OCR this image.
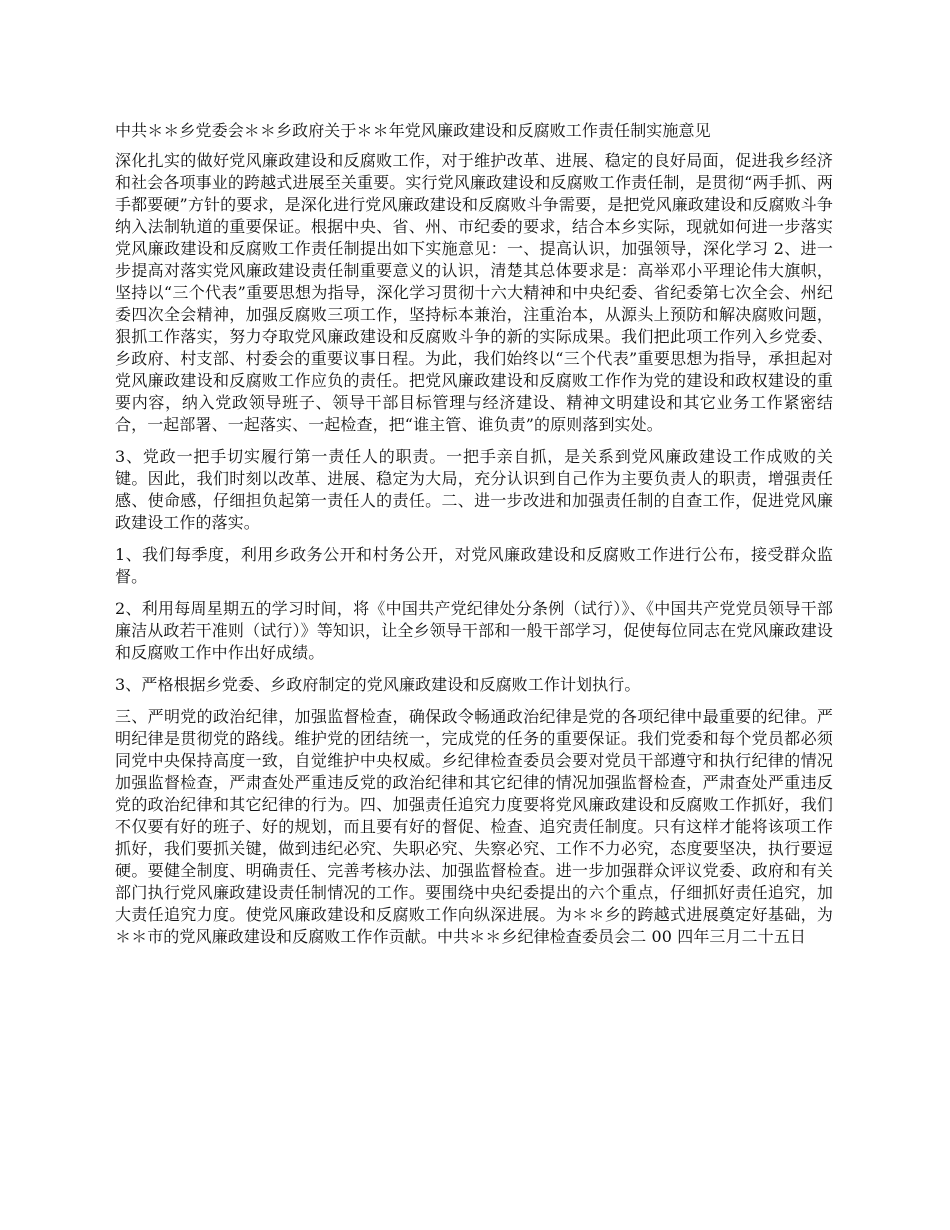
中共＊＊乡党委会＊＊乡政府关于＊＊年党风廉政建设和反腐败工作责任制实施意见

深化扎实的做好党风廉政建设和反腐败工作，对于维护改革、进展、稳定的良好局面，促进我乡经济和社会各项事业的跨越式进展至关重要。实行党风廉政建设和反腐败工作责任制，是贯彻“两手抓、两手都要硬”方针的要求，是深化进行党风廉政建设和反腐败斗争需要，是把党风廉政建设和反腐败斗争纳入法制轨道的重要保证。根据中央、省、州、市纪委的要求，结合本乡实际，现就如何进一步落实党风廉政建设和反腐败工作责任制提出如下实施意见：一、提高认识，加强领导，深化学习 2、进一步提高对落实党风廉政建设责任制重要意义的认识，清楚其总体要求是：高举邓小平理论伟大旗帜，坚持以“三个代表”重要思想为指导，深化学习贯彻十六大精神和中央纪委、省纪委第七次全会、州纪委四次全会精神，加强反腐败三项工作，坚持标本兼治，注重治本，从源头上预防和解决腐败问题，狠抓工作落实，努力夺取党风廉政建设和反腐败斗争的新的实际成果。我们把此项工作列入乡党委、乡政府、村支部、村委会的重要议事日程。为此，我们始终以“三个代表”重要思想为指导，承担起对党风廉政建设和反腐败工作应负的责任。把党风廉政建设和反腐败工作作为党的建设和政权建设的重要内容，纳入党政领导班子、领导干部目标管理与经济建设、精神文明建设和其它业务工作紧密结合，一起部署、一起落实、一起检查，把“谁主管、谁负责”的原则落到实处。

3、党政一把手切实履行第一责任人的职责。一把手亲自抓，是关系到党风廉政建设工作成败的关键。因此，我们时刻以改革、进展、稳定为大局，充分认识到自己作为主要负责人的职责，增强责任感、使命感，仔细担负起第一责任人的责任。二、进一步改进和加强责任制的自查工作，促进党风廉政建设工作的落实。

1、我们每季度，利用乡政务公开和村务公开，对党风廉政建设和反腐败工作进行公布，接受群众监督。

2、利用每周星期五的学习时间，将《中国共产党纪律处分条例（试行）》、《中国共产党党员领导干部廉洁从政若干准则（试行）》等知识，让全乡领导干部和一般干部学习，促使每位同志在党风廉政建设和反腐败工作中作出好成绩。

3、严格根据乡党委、乡政府制定的党风廉政建设和反腐败工作计划执行。

三、严明党的政治纪律，加强监督检查，确保政令畅通政治纪律是党的各项纪律中最重要的纪律。严明纪律是贯彻党的路线。维护党的团结统一，完成党的任务的重要保证。我们党委和每个党员都必须同党中央保持高度一致，自觉维护中央权威。乡纪律检查委员会要对党员干部遵守和执行纪律的情况加强监督检查，严肃查处严重违反党的政治纪律和其它纪律的情况加强监督检查，严肃查处严重违反党的政治纪律和其它纪律的行为。四、加强责任追究力度要将党风廉政建设和反腐败工作抓好，我们不仅要有好的班子、好的规划，而且要有好的督促、检查、追究责任制度。只有这样才能将该项工作抓好，我们要抓关键，做到违纪必究、失职必究、失察必究、工作不力必究，态度要坚决，执行要逗硬。要健全制度、明确责任、完善考核办法、加强监督检查。进一步加强群众评议党委、政府和有关部门执行党风廉政建设责任制情况的工作。要围绕中央纪委提出的六个重点，仔细抓好责任追究，加大责任追究力度。使党风廉政建设和反腐败工作向纵深进展。为＊＊乡的跨越式进展奠定好基础，为＊＊市的党风廉政建设和反腐败工作作贡献。中共＊＊乡纪律检查委员会二 00 四年三月二十五日
